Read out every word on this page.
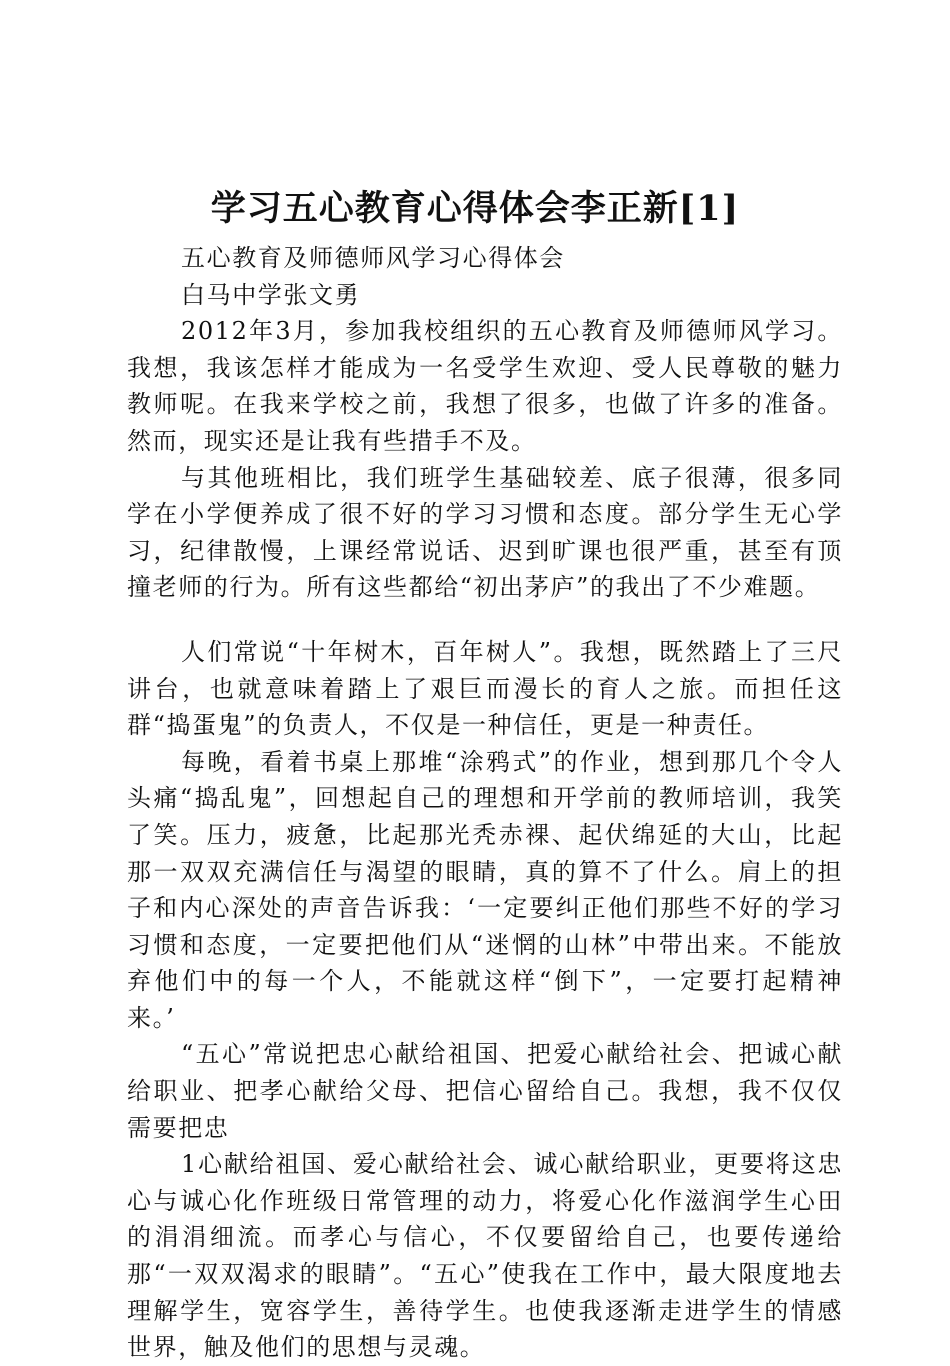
学习五心教育心得体会李正新[1]

五心教育及师德师风学习心得体会

白马中学张文勇

2012年3月，参加我校组织的五心教育及师德师风学习。我想，我该怎样才能成为一名受学生欢迎、受人民尊敬的魅力教师呢。在我来学校之前，我想了很多，也做了许多的准备。然而，现实还是让我有些措手不及。

与其他班相比，我们班学生基础较差、底子很薄，很多同学在小学便养成了很不好的学习习惯和态度。部分学生无心学习，纪律散慢，上课经常说话、迟到旷课也很严重，甚至有顶撞老师的行为。所有这些都给“初出茅庐”的我出了不少难题。

人们常说“十年树木，百年树人”。我想，既然踏上了三尺讲台，也就意味着踏上了艰巨而漫长的育人之旅。而担任这群“捣蛋鬼”的负责人，不仅是一种信任，更是一种责任。

每晚，看着书桌上那堆“涂鸦式”的作业，想到那几个令人头痛“捣乱鬼”，回想起自己的理想和开学前的教师培训，我笑了笑。压力，疲惫，比起那光秃赤裸、起伏绵延的大山，比起那一双双充满信任与渴望的眼睛，真的算不了什么。肩上的担子和内心深处的声音告诉我：‘一定要纠正他们那些不好的学习习惯和态度，一定要把他们从“迷惘的山林”中带出来。不能放弃他们中的每一个人，不能就这样“倒下”，一定要打起精神来。’

“五心”常说把忠心献给祖国、把爱心献给社会、把诚心献给职业、把孝心献给父母、把信心留给自己。我想，我不仅仅需要把忠

1心献给祖国、爱心献给社会、诚心献给职业，更要将这忠心与诚心化作班级日常管理的动力，将爱心化作滋润学生心田的涓涓细流。而孝心与信心，不仅要留给自己，也要传递给那“一双双渴求的眼睛”。“五心”使我在工作中，最大限度地去理解学生，宽容学生，善待学生。也使我逐渐走进学生的情感世界，触及他们的思想与灵魂。
